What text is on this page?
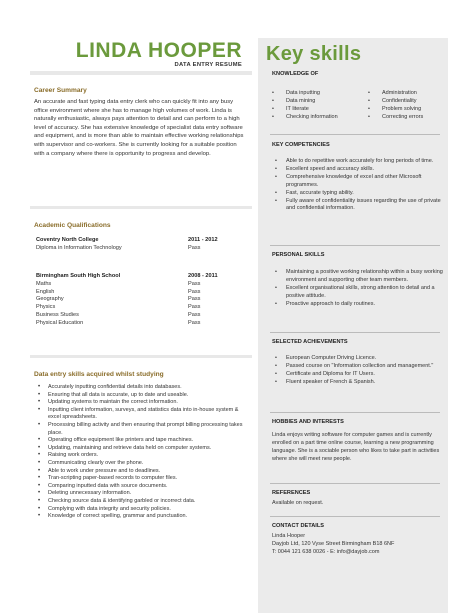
LINDA HOOPER
DATA ENTRY RESUME
Career Summary
An accurate and fast typing data entry clerk who can quickly fit into any busy office environment where she has to manage high volumes of work. Linda is naturally enthusiastic, always pays attention to detail and can perform to a high level of accuracy. She has extensive knowledge of specialist data entry software and equipment, and is more than able to maintain effective working relationships with supervisor and co-workers. She is currently looking for a suitable position with a company where there is opportunity to progress and develop.
Academic Qualifications
Coventry North College	2011 - 2012
Diploma in Information Technology	Pass
Birmingham South High School	2008 - 2011
Maths	Pass
English	Pass
Geography	Pass
Physics	Pass
Business Studies	Pass
Physical Education	Pass
Data entry skills acquired whilst studying
• Accurately inputting confidential details into databases.
• Ensuring that all data is accurate, up to date and useable.
• Updating systems to maintain the correct information.
• Inputting client information, surveys, and statistics data into in-house system & excel spreadsheets.
• Processing billing activity and then ensuring that prompt billing processing takes place.
• Operating office equipment like printers and tape machines.
• Updating, maintaining and retrieve data held on computer systems.
• Raising work orders.
• Communicating clearly over the phone.
• Able to work under pressure and to deadlines.
• Tran-scripting paper-based records to computer files.
• Comparing inputted data with source documents.
• Deleting unnecessary information.
• Checking source data & identifying garbled or incorrect data.
• Complying with data integrity and security policies.
• Knowledge of correct spelling, grammar and punctuation.
Key skills
KNOWLEDGE OF
• Data inputting	• Administration
• Data mining	• Confidentiality
• IT literate	• Problem solving
• Checking information	• Correcting errors
KEY COMPETENCIES
• Able to do repetitive work accurately for long periods of time.
• Excellent speed and accuracy skills.
• Comprehensive knowledge of excel and other Microsoft programmes.
• Fast, accurate typing ability.
• Fully aware of confidentiality issues regarding the use of private and confidential information.
PERSONAL SKILLS
• Maintaining a positive working relationship within a busy working environment and supporting other team members.
• Excellent organisational skills, strong attention to detail and a positive attitude.
• Proactive approach to daily routines.
SELECTED ACHIEVEMENTS
• European Computer Driving Licence.
• Passed course on "Information collection and management."
• Certificate and Diploma for IT Users.
• Fluent speaker of French & Spanish.
HOBBIES AND INTERESTS
Linda enjoys writing software for computer games and is currently enrolled on a part time online course, learning a new programming language. She is a sociable person who likes to take part in activities where she will meet new people.
REFERENCES
Available on request.
CONTACT DETAILS
Linda Hooper
Dayjob Ltd, 120 Vyse Street Birmingham B18 6NF
T: 0044 121 638 0026 - E: info@dayjob.com
